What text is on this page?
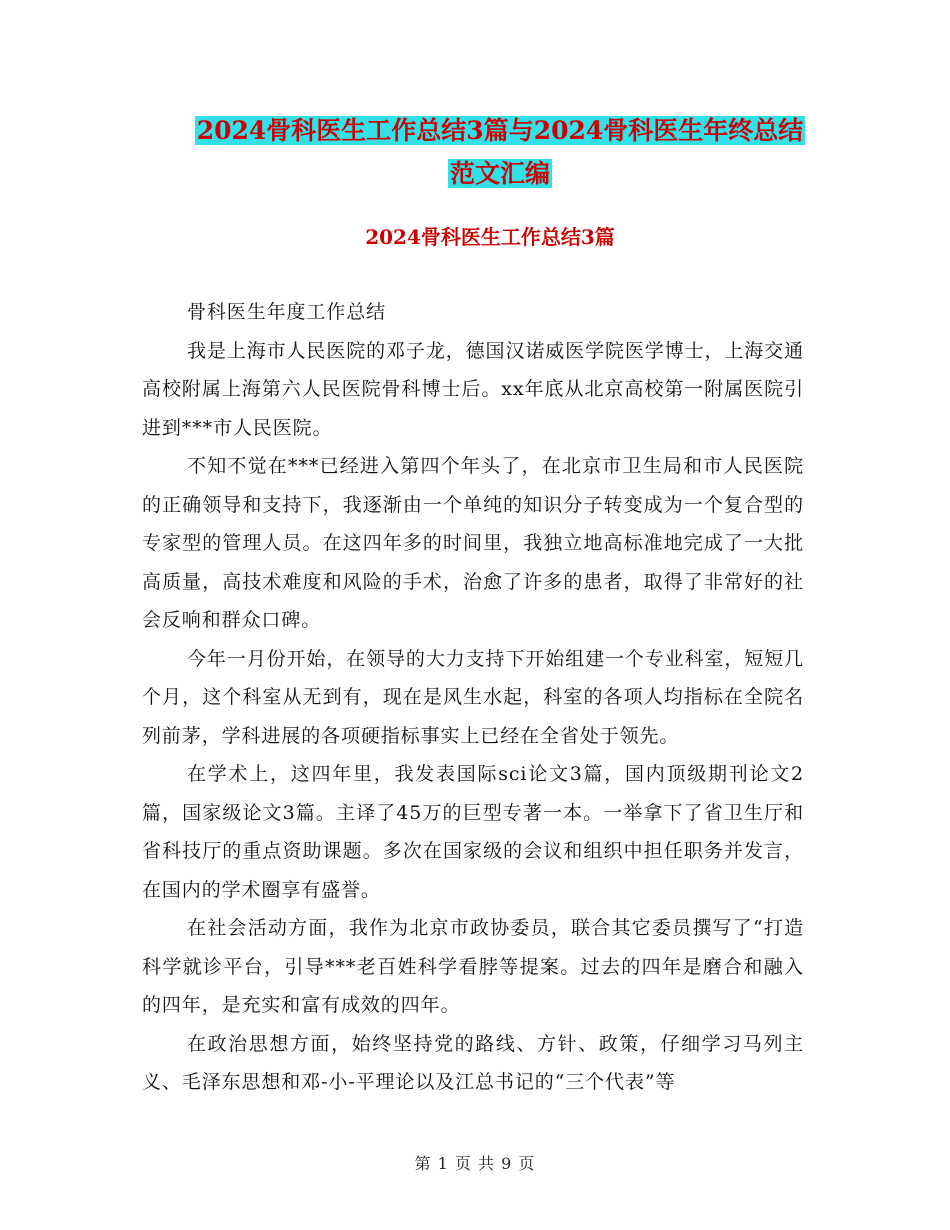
2024骨科医生工作总结3篇与2024骨科医生年终总结
范文汇编
2024骨科医生工作总结3篇

骨科医生年度工作总结

我是上海市人民医院的邓子龙，德国汉诺威医学院医学博士，上海交通高校附属上海第六人民医院骨科博士后。xx年底从北京高校第一附属医院引进到***市人民医院。

不知不觉在***已经进入第四个年头了，在北京市卫生局和市人民医院的正确领导和支持下，我逐渐由一个单纯的知识分子转变成为一个复合型的专家型的管理人员。在这四年多的时间里，我独立地高标准地完成了一大批高质量，高技术难度和风险的手术，治愈了许多的患者，取得了非常好的社会反响和群众口碑。

今年一月份开始，在领导的大力支持下开始组建一个专业科室，短短几个月，这个科室从无到有，现在是风生水起，科室的各项人均指标在全院名列前茅，学科进展的各项硬指标事实上已经在全省处于领先。

在学术上，这四年里，我发表国际sci论文3篇，国内顶级期刊论文2篇，国家级论文3篇。主译了45万的巨型专著一本。一举拿下了省卫生厅和省科技厅的重点资助课题。多次在国家级的会议和组织中担任职务并发言，在国内的学术圈享有盛誉。

在社会活动方面，我作为北京市政协委员，联合其它委员撰写了“打造科学就诊平台，引导***老百姓科学看脖等提案。过去的四年是磨合和融入的四年，是充实和富有成效的四年。

在政治思想方面，始终坚持党的路线、方针、政策，仔细学习马列主义、毛泽东思想和邓-小-平理论以及江总书记的“三个代表”等

第 1 页 共 9 页
